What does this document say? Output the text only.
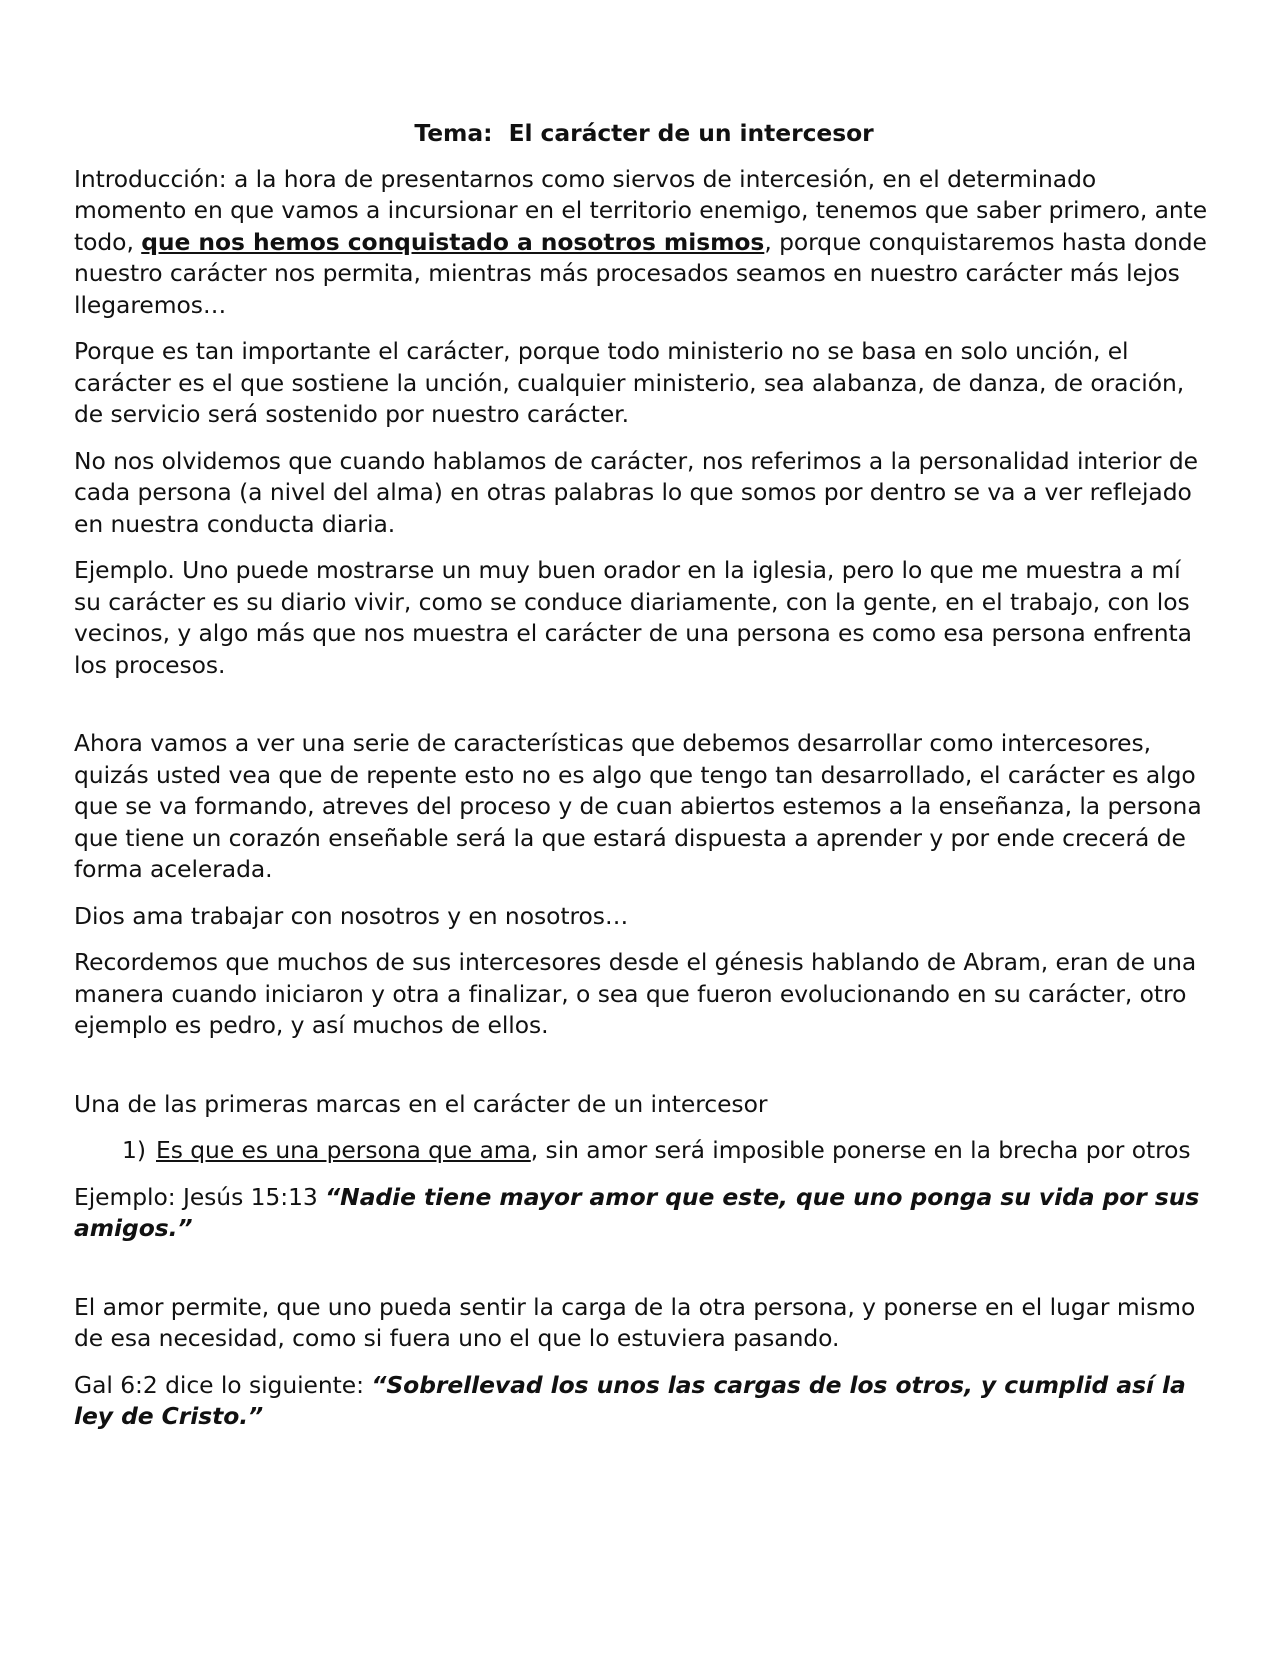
Tema:  El carácter de un intercesor

Introducción: a la hora de presentarnos como siervos de intercesión, en el determinado momento en que vamos a incursionar en el territorio enemigo, tenemos que saber primero, ante todo, que nos hemos conquistado a nosotros mismos, porque conquistaremos hasta donde nuestro carácter nos permita, mientras más procesados seamos en nuestro carácter más lejos llegaremos…

Porque es tan importante el carácter, porque todo ministerio no se basa en solo unción, el carácter es el que sostiene la unción, cualquier ministerio, sea alabanza, de danza, de oración, de servicio será sostenido por nuestro carácter.

No nos olvidemos que cuando hablamos de carácter, nos referimos a la personalidad interior de cada persona (a nivel del alma) en otras palabras lo que somos por dentro se va a ver reflejado en nuestra conducta diaria.

Ejemplo. Uno puede mostrarse un muy buen orador en la iglesia, pero lo que me muestra a mí su carácter es su diario vivir, como se conduce diariamente, con la gente, en el trabajo, con los vecinos, y algo más que nos muestra el carácter de una persona es como esa persona enfrenta los procesos.

Ahora vamos a ver una serie de características que debemos desarrollar como intercesores, quizás usted vea que de repente esto no es algo que tengo tan desarrollado, el carácter es algo que se va formando, atreves del proceso y de cuan abiertos estemos a la enseñanza, la persona que tiene un corazón enseñable será la que estará dispuesta a aprender y por ende crecerá de forma acelerada.

Dios ama trabajar con nosotros y en nosotros…

Recordemos que muchos de sus intercesores desde el génesis hablando de Abram, eran de una manera cuando iniciaron y otra a finalizar, o sea que fueron evolucionando en su carácter, otro ejemplo es pedro, y así muchos de ellos.

Una de las primeras marcas en el carácter de un intercesor

1) Es que es una persona que ama, sin amor será imposible ponerse en la brecha por otros

Ejemplo: Jesús 15:13 “Nadie tiene mayor amor que este, que uno ponga su vida por sus amigos.”

El amor permite, que uno pueda sentir la carga de la otra persona, y ponerse en el lugar mismo de esa necesidad, como si fuera uno el que lo estuviera pasando.

Gal 6:2 dice lo siguiente: “Sobrellevad los unos las cargas de los otros, y cumplid así la ley de Cristo.”
